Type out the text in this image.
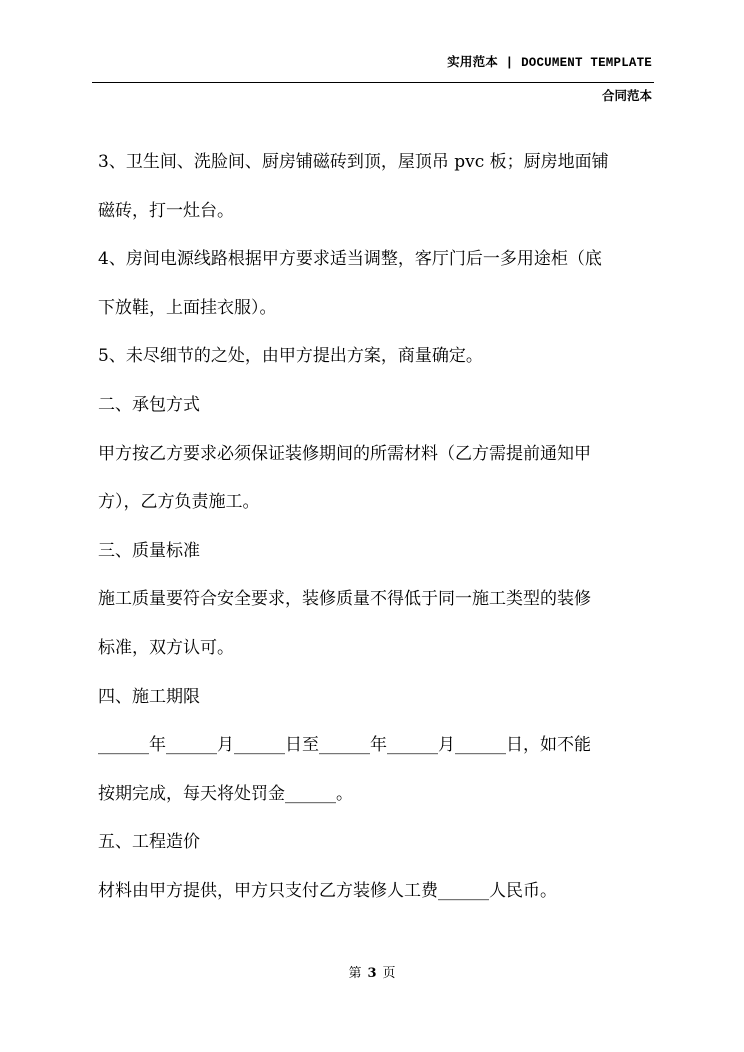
实用范本 | DOCUMENT TEMPLATE
合同范本
3、卫生间、洗脸间、厨房铺磁砖到顶，屋顶吊 pvc 板；厨房地面铺
磁砖，打一灶台。
4、房间电源线路根据甲方要求适当调整，客厅门后一多用途柜（底
下放鞋，上面挂衣服）。
5、未尽细节的之处，由甲方提出方案，商量确定。
二、承包方式
甲方按乙方要求必须保证装修期间的所需材料（乙方需提前通知甲
方），乙方负责施工。
三、质量标准
施工质量要符合安全要求，装修质量不得低于同一施工类型的装修
标准，双方认可。
四、施工期限
______年______月______日至______年______月______日，如不能
按期完成，每天将处罚金______。
五、工程造价
材料由甲方提供，甲方只支付乙方装修人工费______人民币。
第 3 页
